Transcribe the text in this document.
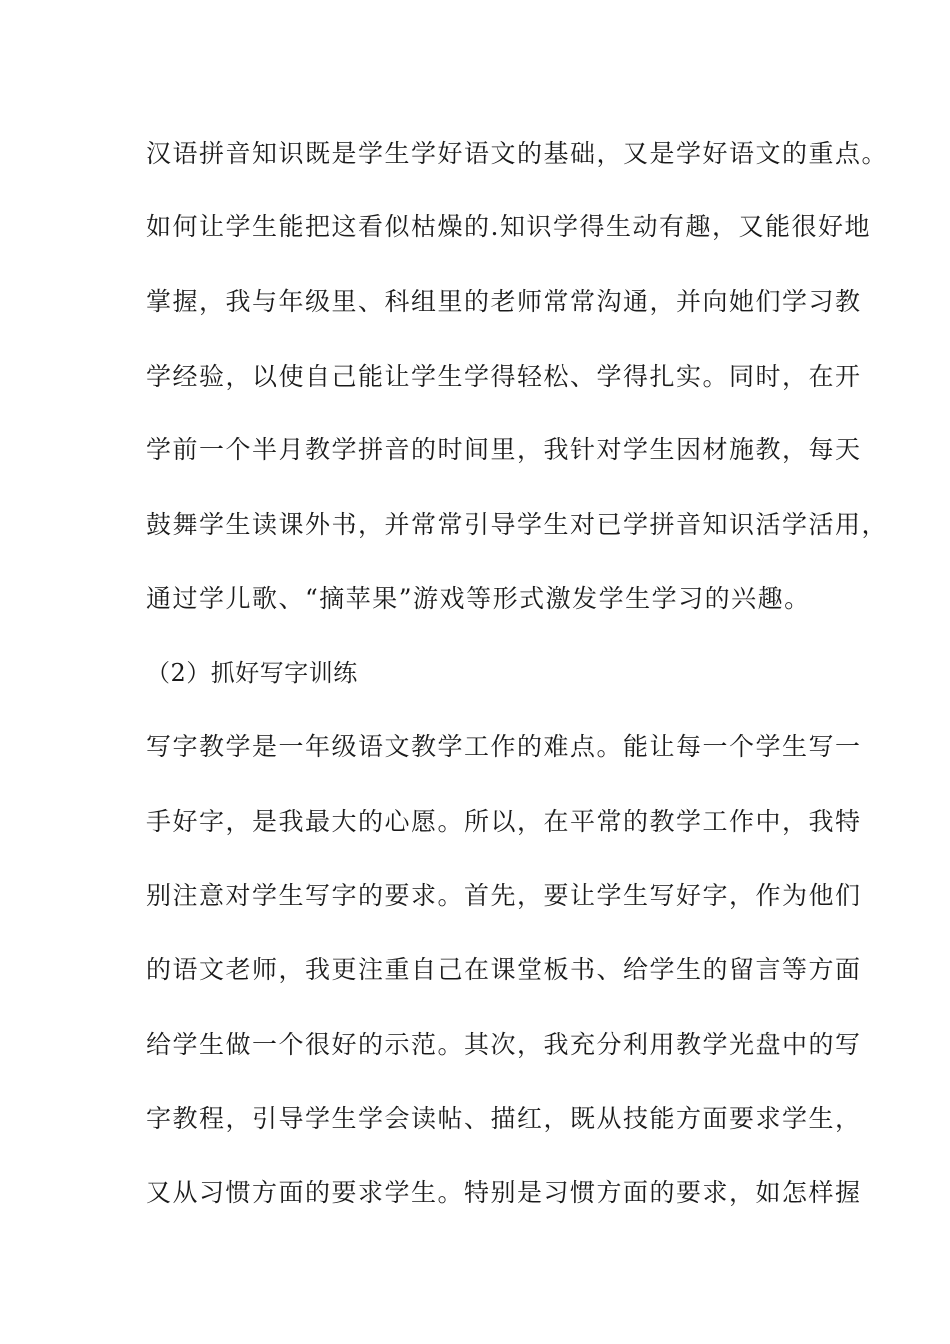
汉语拼音知识既是学生学好语文的基础，又是学好语文的重点。
如何让学生能把这看似枯燥的.知识学得生动有趣，又能很好地
掌握，我与年级里、科组里的老师常常沟通，并向她们学习教
学经验，以使自己能让学生学得轻松、学得扎实。同时，在开
学前一个半月教学拼音的时间里，我针对学生因材施教，每天
鼓舞学生读课外书，并常常引导学生对已学拼音知识活学活用，
通过学儿歌、“摘苹果”游戏等形式激发学生学习的兴趣。
（2）抓好写字训练
写字教学是一年级语文教学工作的难点。能让每一个学生写一
手好字，是我最大的心愿。所以，在平常的教学工作中，我特
别注意对学生写字的要求。首先，要让学生写好字，作为他们
的语文老师，我更注重自己在课堂板书、给学生的留言等方面
给学生做一个很好的示范。其次，我充分利用教学光盘中的写
字教程，引导学生学会读帖、描红，既从技能方面要求学生，
又从习惯方面的要求学生。特别是习惯方面的要求，如怎样握
